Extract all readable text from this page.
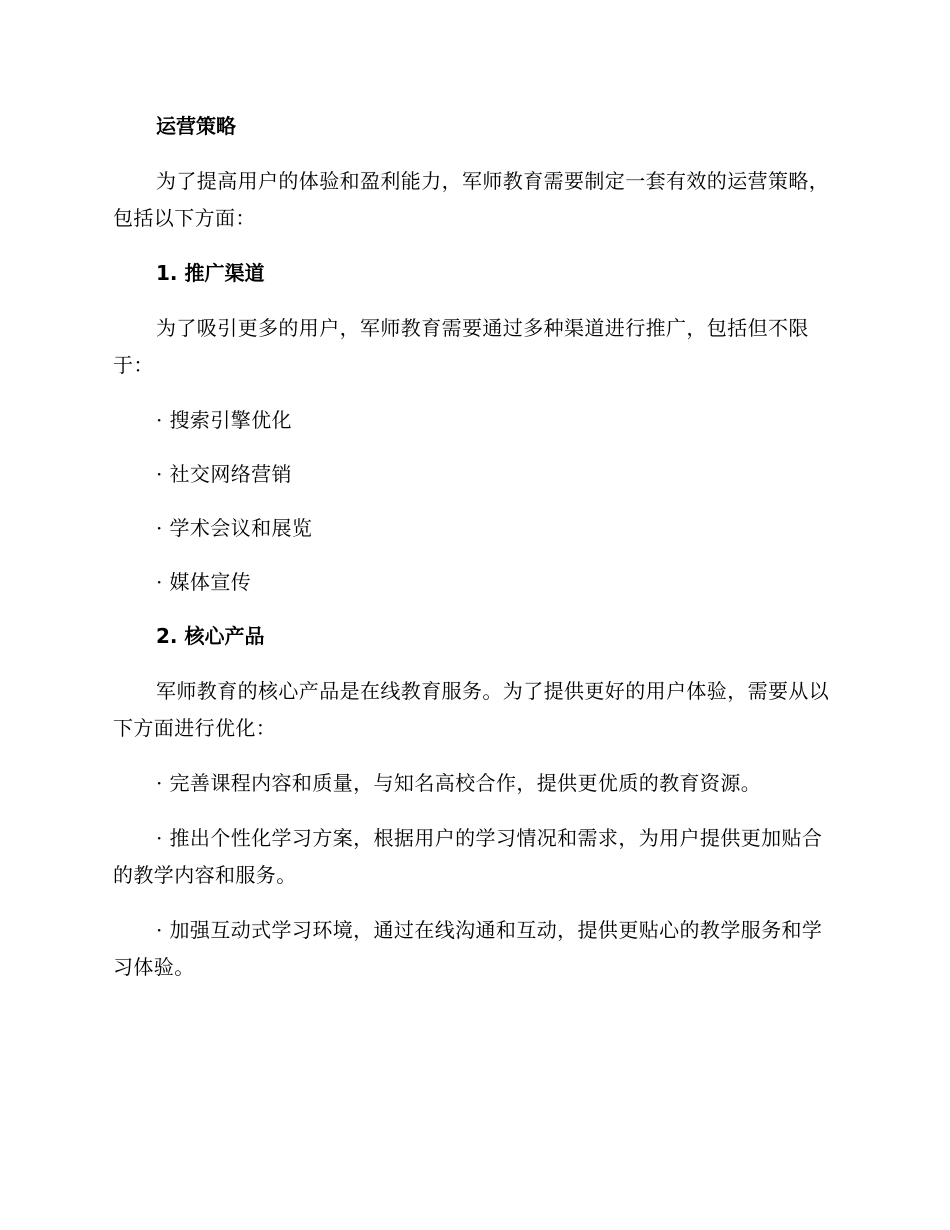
运营策略

为了提高用户的体验和盈利能力，军师教育需要制定一套有效的运营策略，包括以下方面：

1. 推广渠道

为了吸引更多的用户，军师教育需要通过多种渠道进行推广，包括但不限于：

· 搜索引擎优化

· 社交网络营销

· 学术会议和展览

· 媒体宣传

2. 核心产品

军师教育的核心产品是在线教育服务。为了提供更好的用户体验，需要从以下方面进行优化：

· 完善课程内容和质量，与知名高校合作，提供更优质的教育资源。

· 推出个性化学习方案，根据用户的学习情况和需求，为用户提供更加贴合的教学内容和服务。

· 加强互动式学习环境，通过在线沟通和互动，提供更贴心的教学服务和学习体验。
